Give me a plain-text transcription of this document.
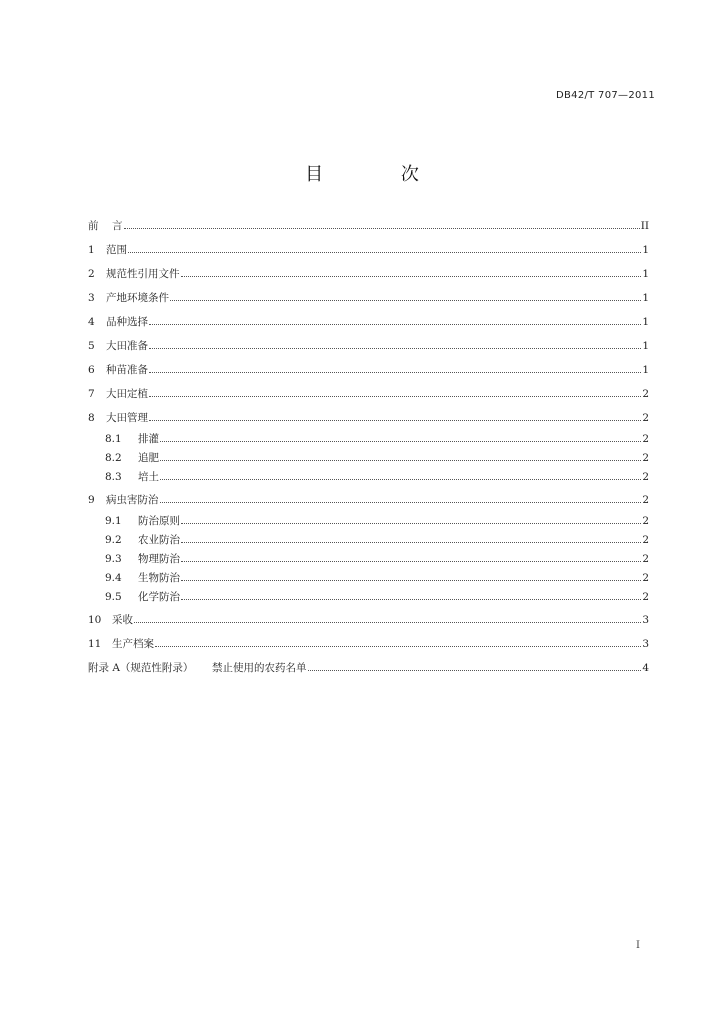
DB42/T 707—2011
目 次
前	言	II
1	范围	1
2	规范性引用文件	1
3	产地环境条件	1
4	品种选择	1
5	大田准备	1
6	种苗准备	1
7	大田定植	2
8	大田管理	2
8.1	排灌	2
8.2	追肥	2
8.3	培土	2
9	病虫害防治	2
9.1	防治原则	2
9.2	农业防治	2
9.3	物理防治	2
9.4	生物防治	2
9.5	化学防治	2
10	采收	3
11	生产档案	3
附录 A（规范性附录）	禁止使用的农药名单	4
I
